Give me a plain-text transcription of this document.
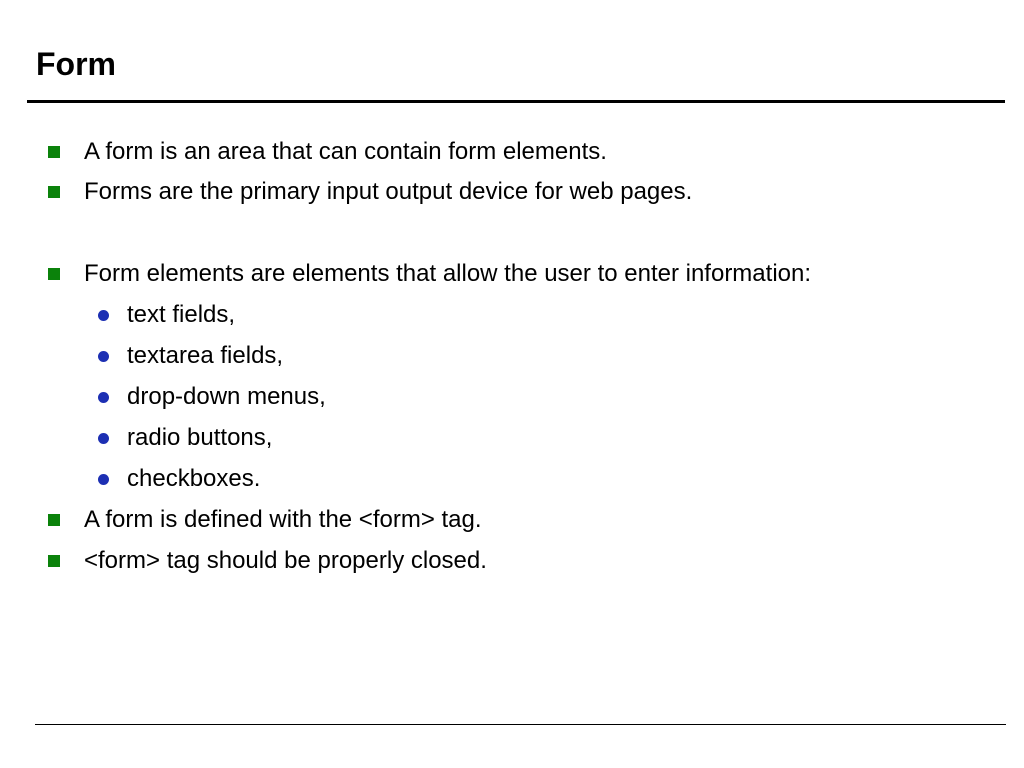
Form
A form is an area that can contain form elements.
Forms are the primary input output device for web pages.
Form elements are elements that allow the user to enter information:
text fields,
textarea fields,
drop-down menus,
radio buttons,
checkboxes.
A form is defined with the <form> tag.
<form> tag should be properly closed.
